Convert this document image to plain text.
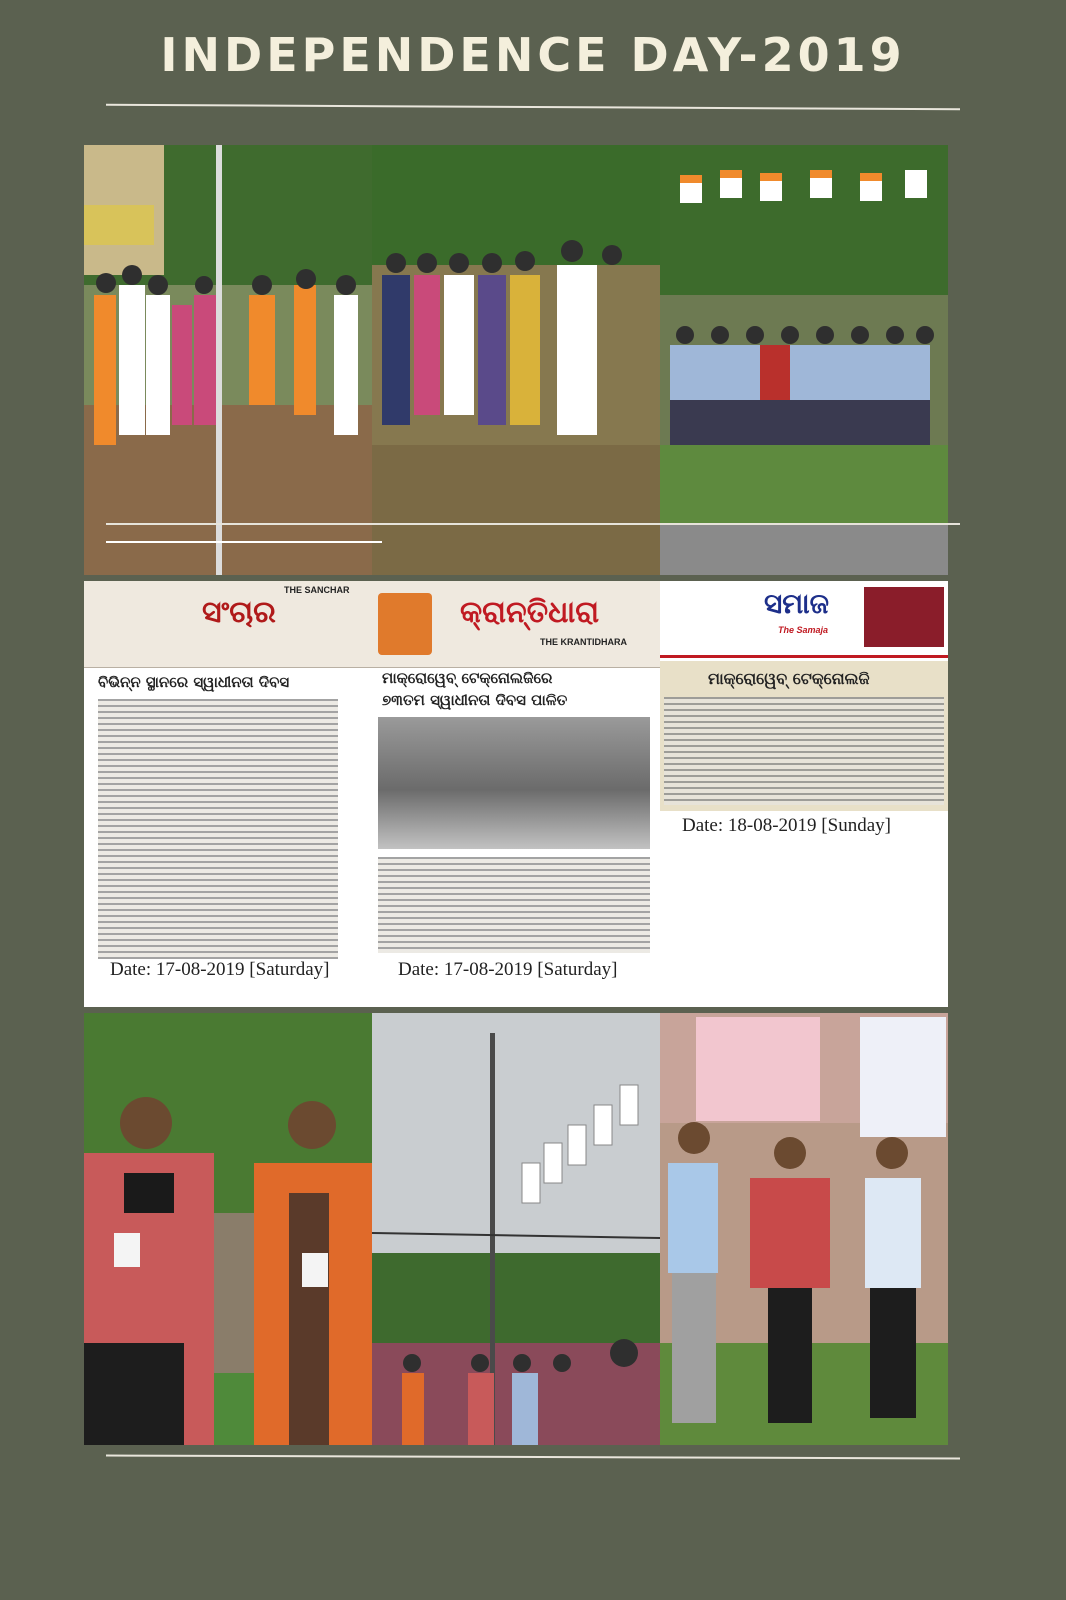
INDEPENDENCE DAY-2019
ସଂଚାର
THE SANCHAR
ବିଭିନ୍ନ ସ୍ଥାନରେ ସ୍ୱାଧୀନତା ଦିବସ
Date: 17-08-2019 [Saturday]
କ୍ରାନ୍ତିଧାରା
THE KRANTIDHARA
ମାକ୍ରୋୱେବ୍ ଟେକ୍ନୋଲଜିରେ
୭୩ତମ ସ୍ୱାଧୀନତା ଦିବସ ପାଳିତ
Date: 17-08-2019 [Saturday]
ସମାଜ
The Samaja
ମାକ୍ରୋୱେବ୍ ଟେକ୍ନୋଲଜି
Date: 18-08-2019 [Sunday]
